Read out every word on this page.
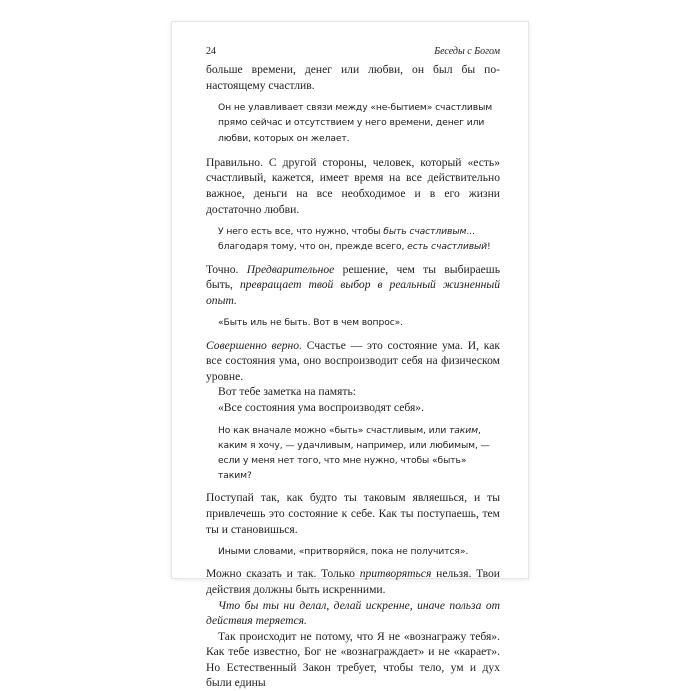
24	Беседы с Богом

больше времени, денег или любви, он был бы по-настоящему счастлив.

Он не улавливает связи между «не-бытием» счастливым прямо сейчас и отсутствием у него времени, денег или любви, которых он желает.

Правильно. С другой стороны, человек, который «есть» счастливый, кажется, имеет время на все действительно важное, деньги на все необходимое и в его жизни достаточно любви.

У него есть все, что нужно, чтобы быть счастливым... благодаря тому, что он, прежде всего, есть счастливый!

Точно. Предварительное решение, чем ты выбираешь быть, превращает твой выбор в реальный жизненный опыт.

«Быть иль не быть. Вот в чем вопрос».

Совершенно верно. Счастье — это состояние ума. И, как все состояния ума, оно воспроизводит себя на физическом уровне.

Вот тебе заметка на память:

«Все состояния ума воспроизводят себя».

Но как вначале можно «быть» счастливым, или таким, каким я хочу, — удачливым, например, или любимым, — если у меня нет того, что мне нужно, чтобы «быть» таким?

Поступай так, как будто ты таковым являешься, и ты привлечешь это состояние к себе. Как ты поступаешь, тем ты и становишься.

Иными словами, «притворяйся, пока не получится».

Можно сказать и так. Только притворяться нельзя. Твои действия должны быть искренними.

Что бы ты ни делал, делай искренне, иначе польза от действия теряется.

Так происходит не потому, что Я не «вознагражу тебя». Как тебе известно, Бог не «вознаграждает» и не «карает». Но Естественный Закон требует, чтобы тело, ум и дух были едины
